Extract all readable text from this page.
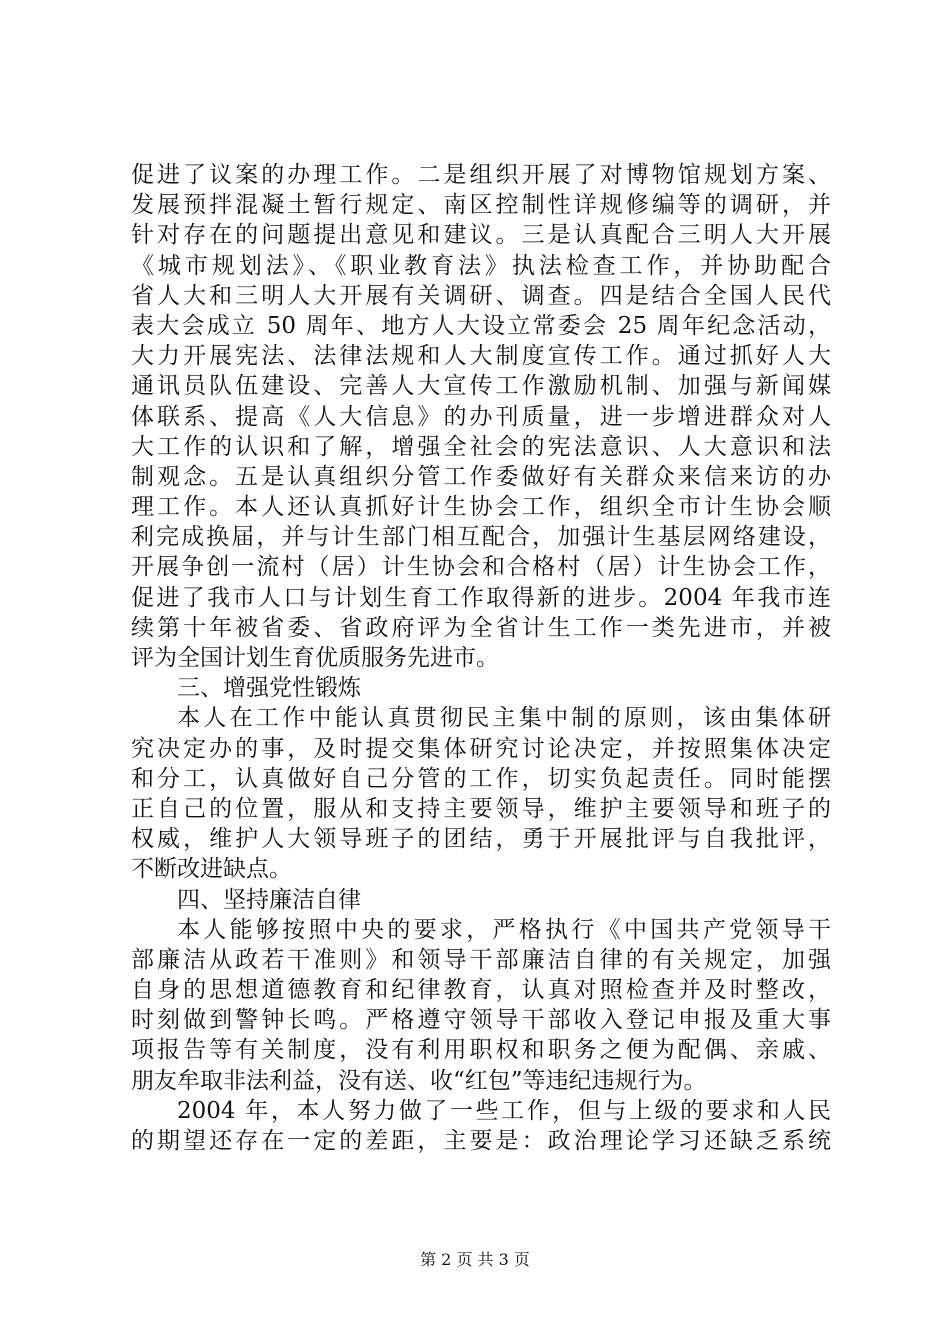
促进了议案的办理工作。二是组织开展了对博物馆规划方案、
发展预拌混凝土暂行规定、南区控制性详规修编等的调研，并
针对存在的问题提出意见和建议。三是认真配合三明人大开展
《城市规划法》、《职业教育法》执法检查工作，并协助配合
省人大和三明人大开展有关调研、调查。四是结合全国人民代
表大会成立 50 周年、地方人大设立常委会 25 周年纪念活动，
大力开展宪法、法律法规和人大制度宣传工作。通过抓好人大
通讯员队伍建设、完善人大宣传工作激励机制、加强与新闻媒
体联系、提高《人大信息》的办刊质量，进一步增进群众对人
大工作的认识和了解，增强全社会的宪法意识、人大意识和法
制观念。五是认真组织分管工作委做好有关群众来信来访的办
理工作。本人还认真抓好计生协会工作，组织全市计生协会顺
利完成换届，并与计生部门相互配合，加强计生基层网络建设，
开展争创一流村（居）计生协会和合格村（居）计生协会工作，
促进了我市人口与计划生育工作取得新的进步。2004 年我市连
续第十年被省委、省政府评为全省计生工作一类先进市，并被
评为全国计划生育优质服务先进市。
三、增强党性锻炼
本人在工作中能认真贯彻民主集中制的原则，该由集体研
究决定办的事，及时提交集体研究讨论决定，并按照集体决定
和分工，认真做好自己分管的工作，切实负起责任。同时能摆
正自己的位置，服从和支持主要领导，维护主要领导和班子的
权威，维护人大领导班子的团结，勇于开展批评与自我批评，
不断改进缺点。
四、坚持廉洁自律
本人能够按照中央的要求，严格执行《中国共产党领导干
部廉洁从政若干准则》和领导干部廉洁自律的有关规定，加强
自身的思想道德教育和纪律教育，认真对照检查并及时整改，
时刻做到警钟长鸣。严格遵守领导干部收入登记申报及重大事
项报告等有关制度，没有利用职权和职务之便为配偶、亲戚、
朋友牟取非法利益，没有送、收“红包”等违纪违规行为。
2004 年，本人努力做了一些工作，但与上级的要求和人民
的期望还存在一定的差距，主要是：政治理论学习还缺乏系统
第 2 页 共 3 页
